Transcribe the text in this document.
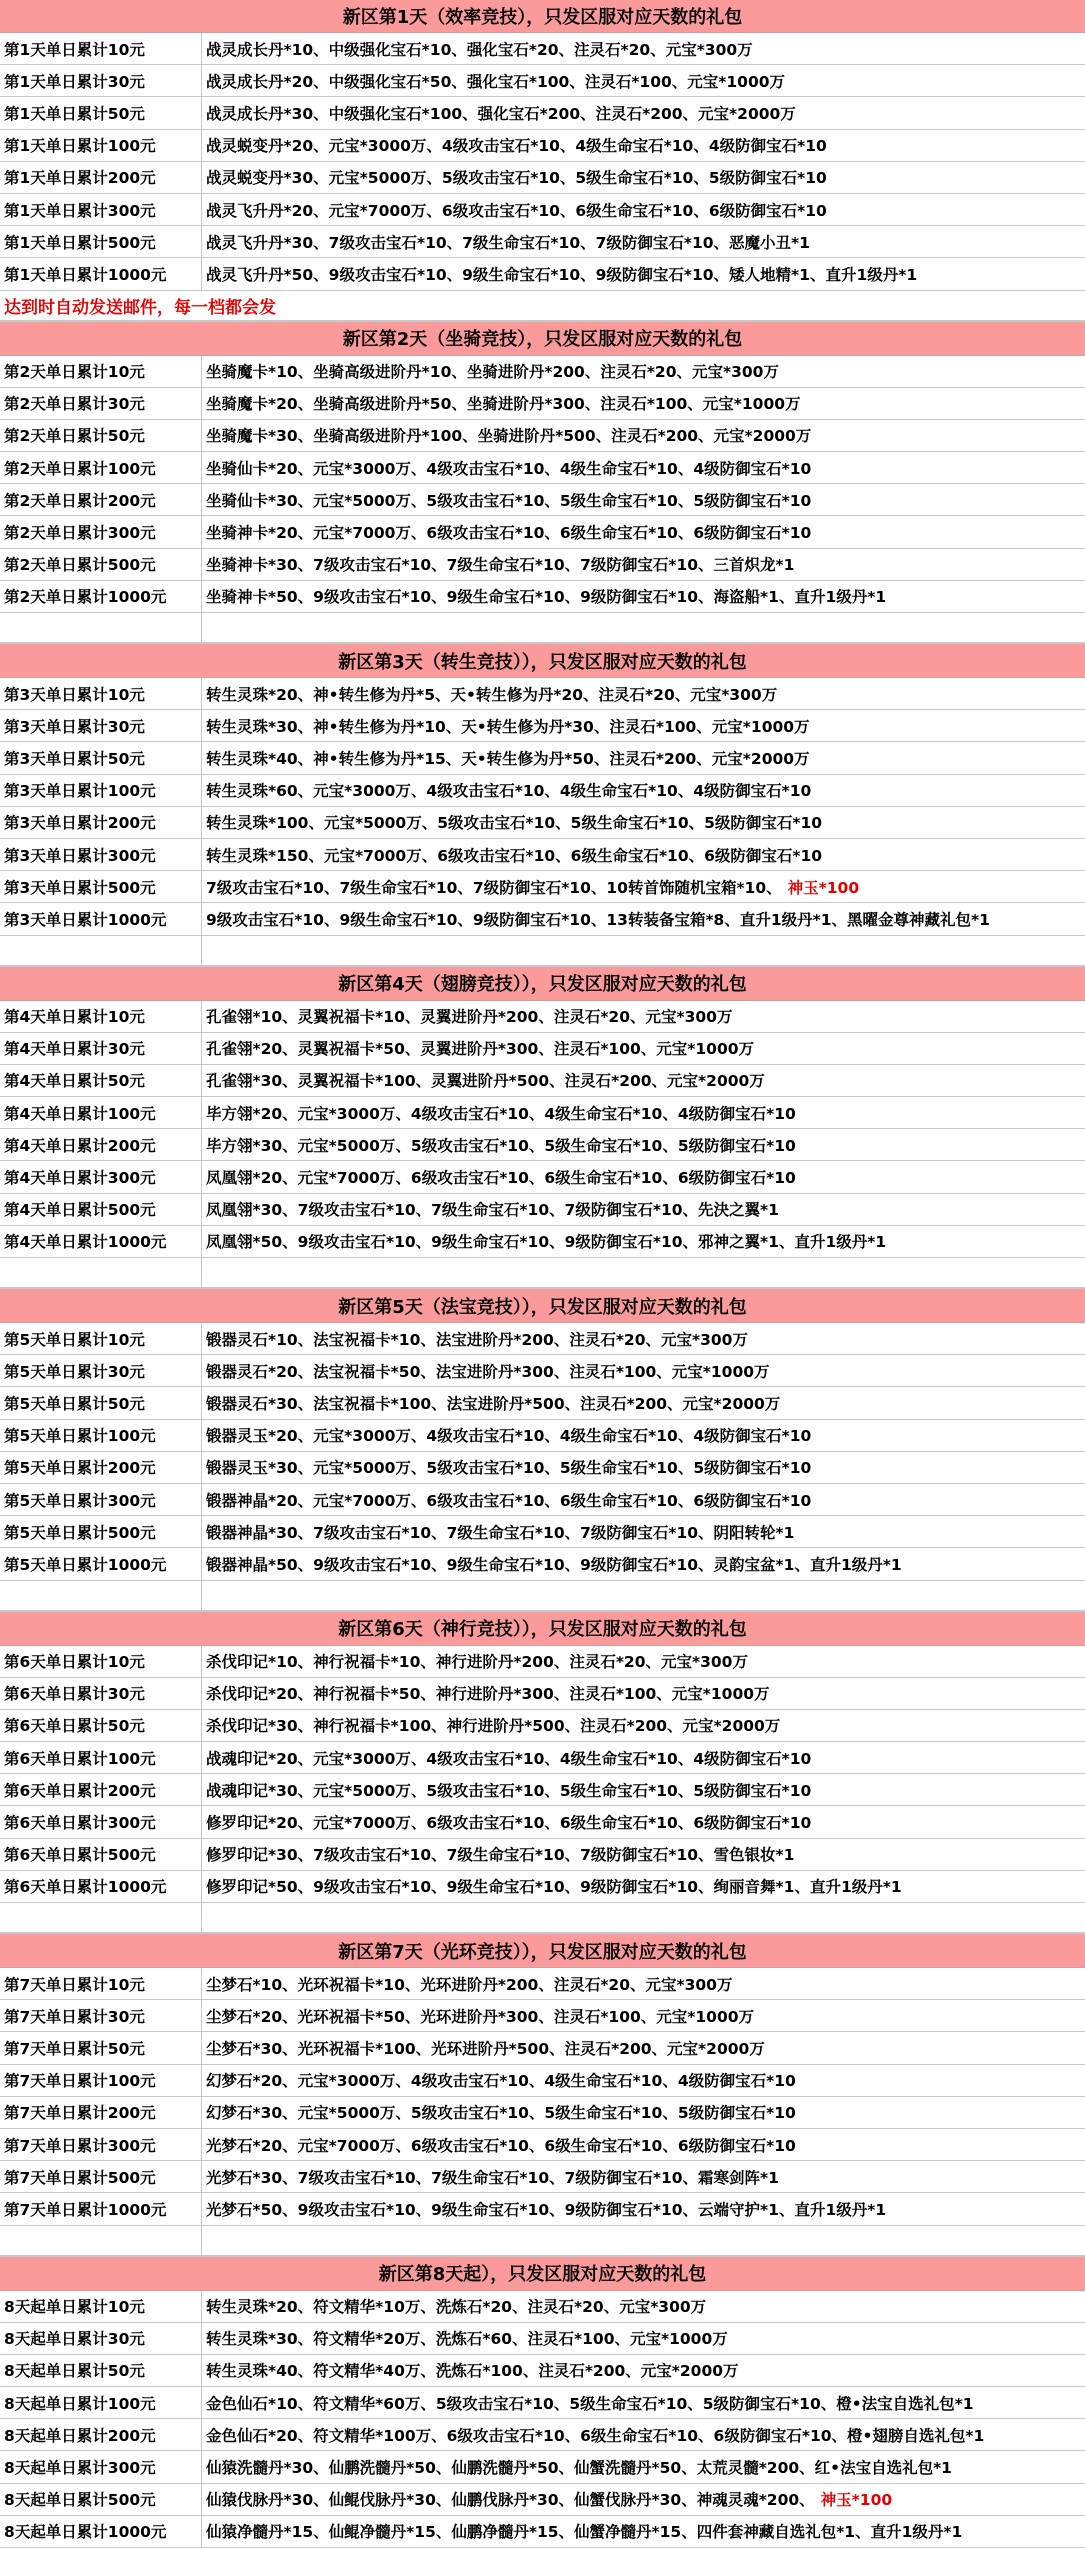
新区第1天（效率竞技），只发区服对应天数的礼包
第1天单日累计10元	战灵成长丹*10、中级强化宝石*10、强化宝石*20、注灵石*20、元宝*300万
第1天单日累计30元	战灵成长丹*20、中级强化宝石*50、强化宝石*100、注灵石*100、元宝*1000万
第1天单日累计50元	战灵成长丹*30、中级强化宝石*100、强化宝石*200、注灵石*200、元宝*2000万
第1天单日累计100元	战灵蜕变丹*20、元宝*3000万、4级攻击宝石*10、4级生命宝石*10、4级防御宝石*10
第1天单日累计200元	战灵蜕变丹*30、元宝*5000万、5级攻击宝石*10、5级生命宝石*10、5级防御宝石*10
第1天单日累计300元	战灵飞升丹*20、元宝*7000万、6级攻击宝石*10、6级生命宝石*10、6级防御宝石*10
第1天单日累计500元	战灵飞升丹*30、7级攻击宝石*10、7级生命宝石*10、7级防御宝石*10、恶魔小丑*1
第1天单日累计1000元	战灵飞升丹*50、9级攻击宝石*10、9级生命宝石*10、9级防御宝石*10、矮人地精*1、直升1级丹*1
达到时自动发送邮件，每一档都会发
新区第2天（坐骑竞技），只发区服对应天数的礼包
第2天单日累计10元	坐骑魔卡*10、坐骑高级进阶丹*10、坐骑进阶丹*200、注灵石*20、元宝*300万
第2天单日累计30元	坐骑魔卡*20、坐骑高级进阶丹*50、坐骑进阶丹*300、注灵石*100、元宝*1000万
第2天单日累计50元	坐骑魔卡*30、坐骑高级进阶丹*100、坐骑进阶丹*500、注灵石*200、元宝*2000万
第2天单日累计100元	坐骑仙卡*20、元宝*3000万、4级攻击宝石*10、4级生命宝石*10、4级防御宝石*10
第2天单日累计200元	坐骑仙卡*30、元宝*5000万、5级攻击宝石*10、5级生命宝石*10、5级防御宝石*10
第2天单日累计300元	坐骑神卡*20、元宝*7000万、6级攻击宝石*10、6级生命宝石*10、6级防御宝石*10
第2天单日累计500元	坐骑神卡*30、7级攻击宝石*10、7级生命宝石*10、7级防御宝石*10、三首炽龙*1
第2天单日累计1000元	坐骑神卡*50、9级攻击宝石*10、9级生命宝石*10、9级防御宝石*10、海盗船*1、直升1级丹*1
新区第3天（转生竞技）），只发区服对应天数的礼包
第3天单日累计10元	转生灵珠*20、神•转生修为丹*5、天•转生修为丹*20、注灵石*20、元宝*300万
第3天单日累计30元	转生灵珠*30、神•转生修为丹*10、天•转生修为丹*30、注灵石*100、元宝*1000万
第3天单日累计50元	转生灵珠*40、神•转生修为丹*15、天•转生修为丹*50、注灵石*200、元宝*2000万
第3天单日累计100元	转生灵珠*60、元宝*3000万、4级攻击宝石*10、4级生命宝石*10、4级防御宝石*10
第3天单日累计200元	转生灵珠*100、元宝*5000万、5级攻击宝石*10、5级生命宝石*10、5级防御宝石*10
第3天单日累计300元	转生灵珠*150、元宝*7000万、6级攻击宝石*10、6级生命宝石*10、6级防御宝石*10
第3天单日累计500元	7级攻击宝石*10、7级生命宝石*10、7级防御宝石*10、10转首饰随机宝箱*10、 神玉*100
第3天单日累计1000元	9级攻击宝石*10、9级生命宝石*10、9级防御宝石*10、13转装备宝箱*8、直升1级丹*1、黑曜金尊神藏礼包*1
新区第4天（翅膀竞技）），只发区服对应天数的礼包
第4天单日累计10元	孔雀翎*10、灵翼祝福卡*10、灵翼进阶丹*200、注灵石*20、元宝*300万
第4天单日累计30元	孔雀翎*20、灵翼祝福卡*50、灵翼进阶丹*300、注灵石*100、元宝*1000万
第4天单日累计50元	孔雀翎*30、灵翼祝福卡*100、灵翼进阶丹*500、注灵石*200、元宝*2000万
第4天单日累计100元	毕方翎*20、元宝*3000万、4级攻击宝石*10、4级生命宝石*10、4级防御宝石*10
第4天单日累计200元	毕方翎*30、元宝*5000万、5级攻击宝石*10、5级生命宝石*10、5级防御宝石*10
第4天单日累计300元	凤凰翎*20、元宝*7000万、6级攻击宝石*10、6级生命宝石*10、6级防御宝石*10
第4天单日累计500元	凤凰翎*30、7级攻击宝石*10、7级生命宝石*10、7级防御宝石*10、先決之翼*1
第4天单日累计1000元	凤凰翎*50、9级攻击宝石*10、9级生命宝石*10、9级防御宝石*10、邪神之翼*1、直升1级丹*1
新区第5天（法宝竞技）），只发区服对应天数的礼包
第5天单日累计10元	锻器灵石*10、法宝祝福卡*10、法宝进阶丹*200、注灵石*20、元宝*300万
第5天单日累计30元	锻器灵石*20、法宝祝福卡*50、法宝进阶丹*300、注灵石*100、元宝*1000万
第5天单日累计50元	锻器灵石*30、法宝祝福卡*100、法宝进阶丹*500、注灵石*200、元宝*2000万
第5天单日累计100元	锻器灵玉*20、元宝*3000万、4级攻击宝石*10、4级生命宝石*10、4级防御宝石*10
第5天单日累计200元	锻器灵玉*30、元宝*5000万、5级攻击宝石*10、5级生命宝石*10、5级防御宝石*10
第5天单日累计300元	锻器神晶*20、元宝*7000万、6级攻击宝石*10、6级生命宝石*10、6级防御宝石*10
第5天单日累计500元	锻器神晶*30、7级攻击宝石*10、7级生命宝石*10、7级防御宝石*10、阴阳转轮*1
第5天单日累计1000元	锻器神晶*50、9级攻击宝石*10、9级生命宝石*10、9级防御宝石*10、灵韵宝盆*1、直升1级丹*1
新区第6天（神行竞技）），只发区服对应天数的礼包
第6天单日累计10元	杀伐印记*10、神行祝福卡*10、神行进阶丹*200、注灵石*20、元宝*300万
第6天单日累计30元	杀伐印记*20、神行祝福卡*50、神行进阶丹*300、注灵石*100、元宝*1000万
第6天单日累计50元	杀伐印记*30、神行祝福卡*100、神行进阶丹*500、注灵石*200、元宝*2000万
第6天单日累计100元	战魂印记*20、元宝*3000万、4级攻击宝石*10、4级生命宝石*10、4级防御宝石*10
第6天单日累计200元	战魂印记*30、元宝*5000万、5级攻击宝石*10、5级生命宝石*10、5级防御宝石*10
第6天单日累计300元	修罗印记*20、元宝*7000万、6级攻击宝石*10、6级生命宝石*10、6级防御宝石*10
第6天单日累计500元	修罗印记*30、7级攻击宝石*10、7级生命宝石*10、7级防御宝石*10、雪色银妆*1
第6天单日累计1000元	修罗印记*50、9级攻击宝石*10、9级生命宝石*10、9级防御宝石*10、绚丽音舞*1、直升1级丹*1
新区第7天（光环竞技）），只发区服对应天数的礼包
第7天单日累计10元	尘梦石*10、光环祝福卡*10、光环进阶丹*200、注灵石*20、元宝*300万
第7天单日累计30元	尘梦石*20、光环祝福卡*50、光环进阶丹*300、注灵石*100、元宝*1000万
第7天单日累计50元	尘梦石*30、光环祝福卡*100、光环进阶丹*500、注灵石*200、元宝*2000万
第7天单日累计100元	幻梦石*20、元宝*3000万、4级攻击宝石*10、4级生命宝石*10、4级防御宝石*10
第7天单日累计200元	幻梦石*30、元宝*5000万、5级攻击宝石*10、5级生命宝石*10、5级防御宝石*10
第7天单日累计300元	光梦石*20、元宝*7000万、6级攻击宝石*10、6级生命宝石*10、6级防御宝石*10
第7天单日累计500元	光梦石*30、7级攻击宝石*10、7级生命宝石*10、7级防御宝石*10、霜寒剑阵*1
第7天单日累计1000元	光梦石*50、9级攻击宝石*10、9级生命宝石*10、9级防御宝石*10、云端守护*1、直升1级丹*1
新区第8天起），只发区服对应天数的礼包
8天起单日累计10元	转生灵珠*20、符文精华*10万、洗炼石*20、注灵石*20、元宝*300万
8天起单日累计30元	转生灵珠*30、符文精华*20万、洗炼石*60、注灵石*100、元宝*1000万
8天起单日累计50元	转生灵珠*40、符文精华*40万、洗炼石*100、注灵石*200、元宝*2000万
8天起单日累计100元	金色仙石*10、符文精华*60万、5级攻击宝石*10、5级生命宝石*10、5级防御宝石*10、橙•法宝自选礼包*1
8天起单日累计200元	金色仙石*20、符文精华*100万、6级攻击宝石*10、6级生命宝石*10、6级防御宝石*10、橙•翅膀自选礼包*1
8天起单日累计300元	仙猿洗髓丹*30、仙鹏洗髓丹*50、仙鹏洗髓丹*50、仙蟹洗髓丹*50、太荒灵髓*200、红•法宝自选礼包*1
8天起单日累计500元	仙猿伐脉丹*30、仙鲲伐脉丹*30、仙鹏伐脉丹*30、仙蟹伐脉丹*30、神魂灵魂*200、 神玉*100
8天起单日累计1000元	仙猿净髓丹*15、仙鲲净髓丹*15、仙鹏净髓丹*15、仙蟹净髓丹*15、四件套神藏自选礼包*1、直升1级丹*1
